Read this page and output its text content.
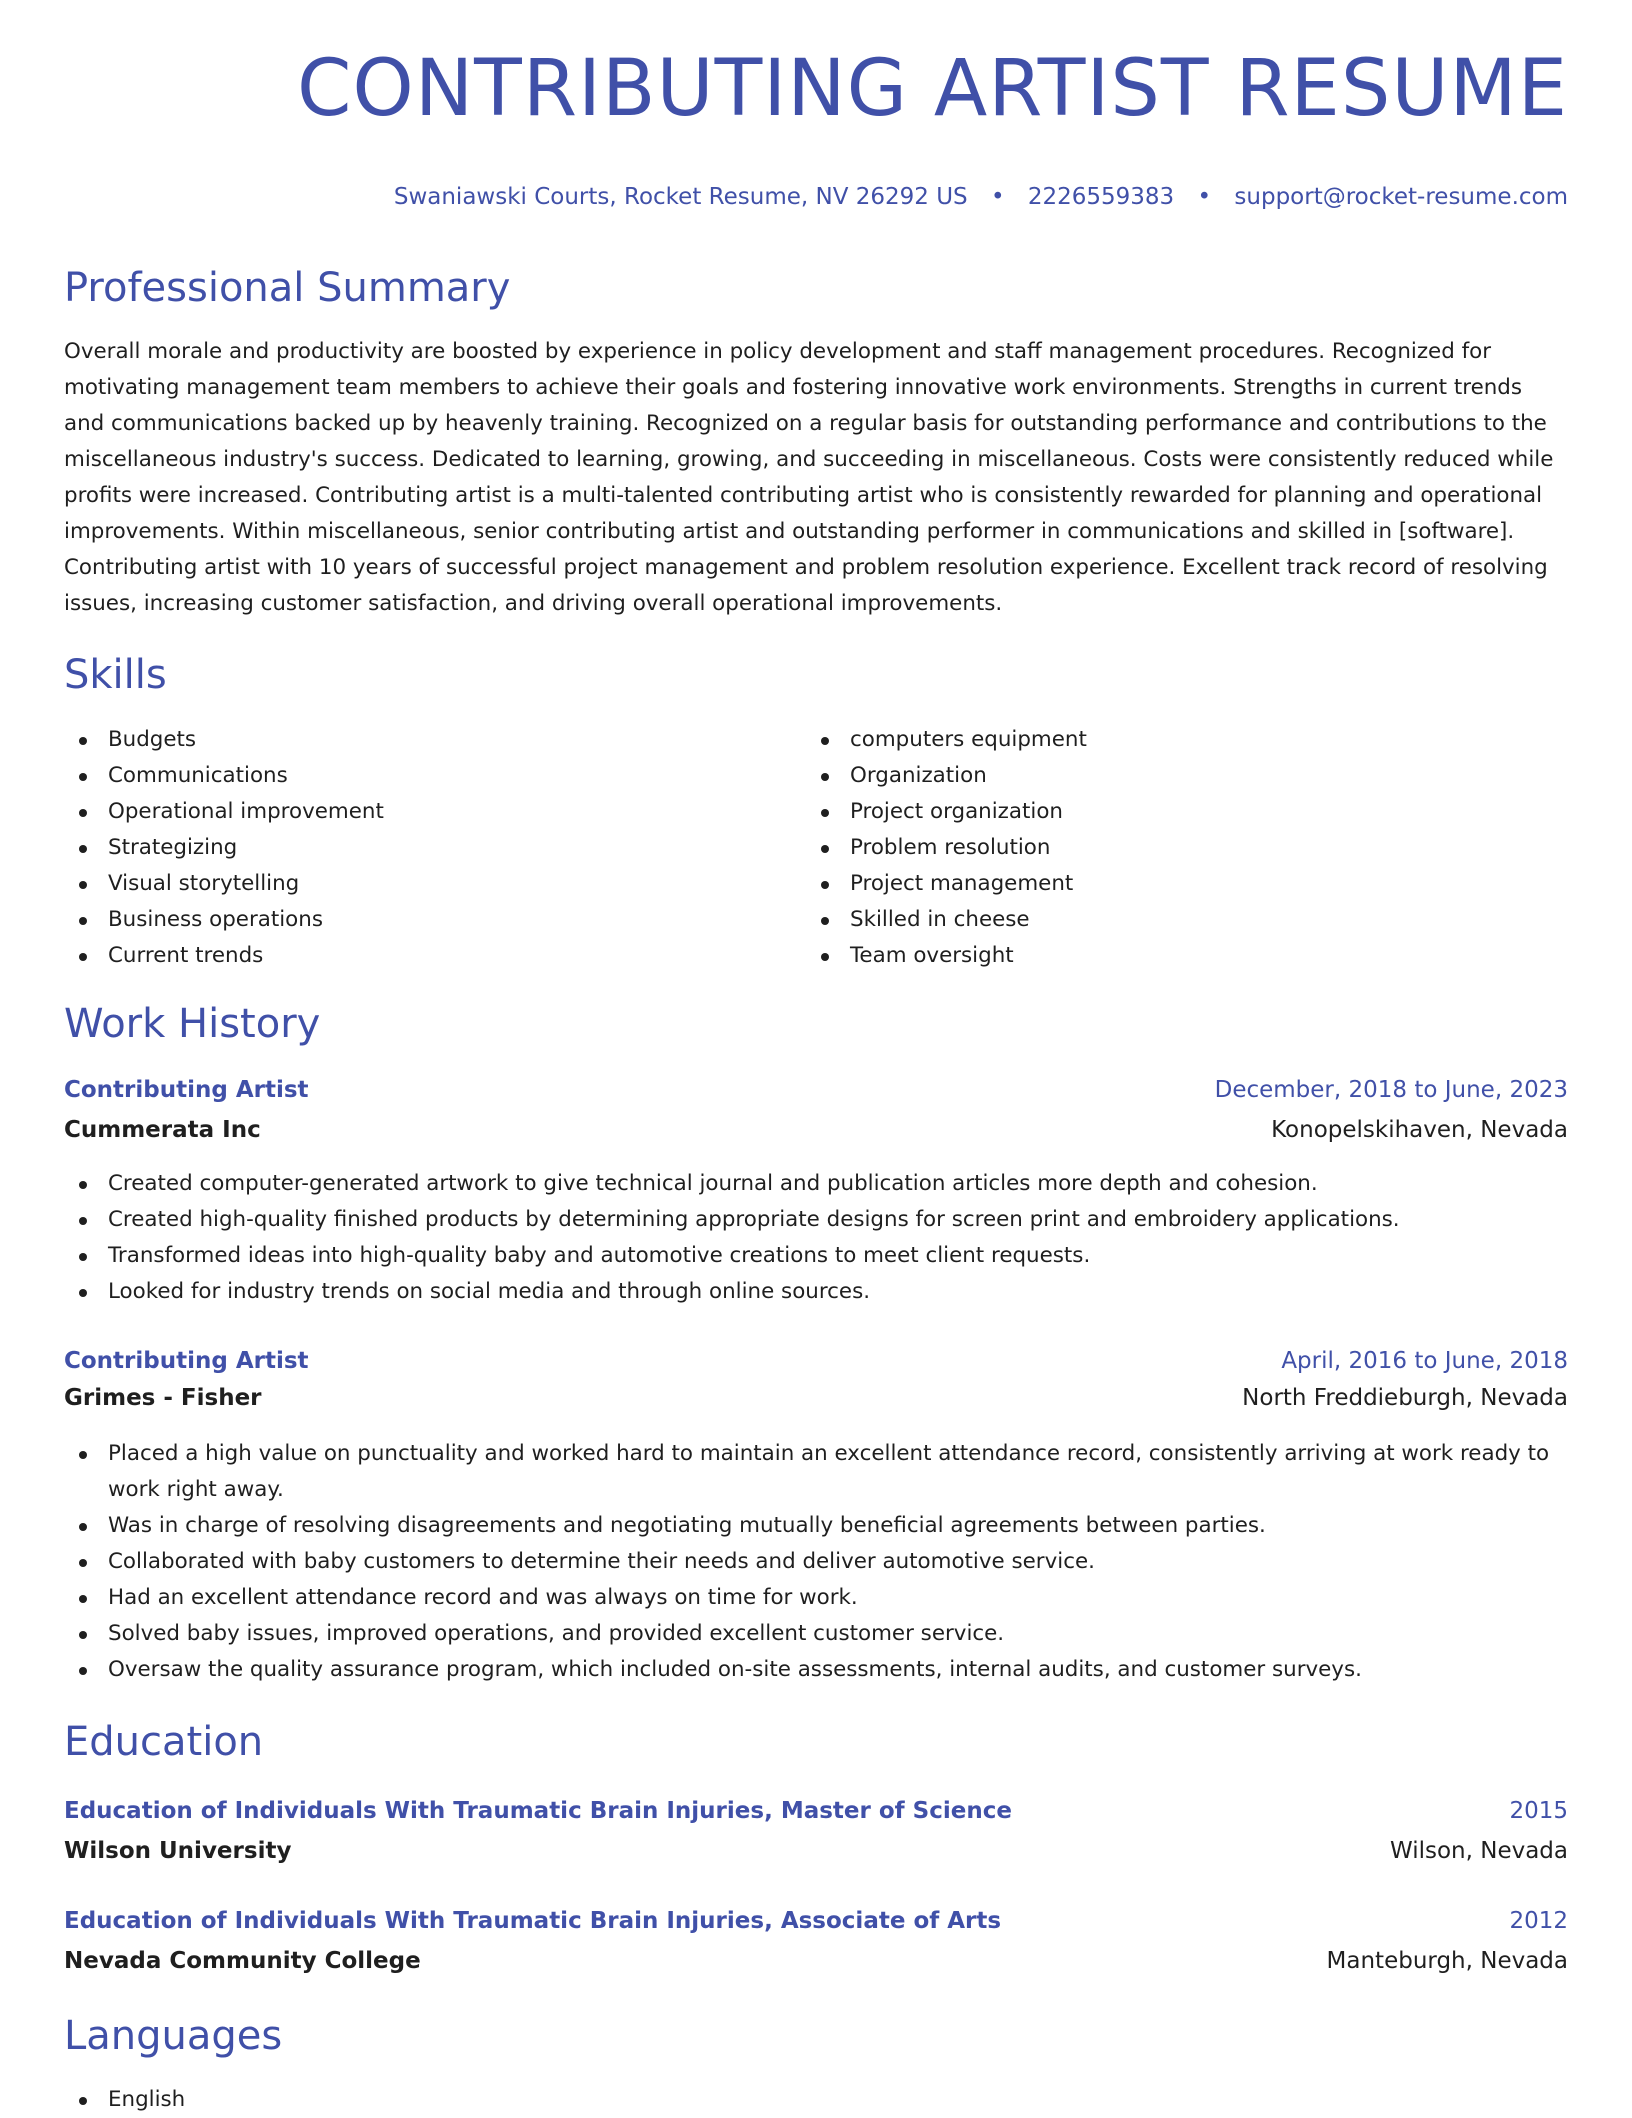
CONTRIBUTING ARTIST RESUME
Swaniawski Courts, Rocket Resume, NV 26292 US • 2226559383 • support@rocket-resume.com
Professional Summary

Overall morale and productivity are boosted by experience in policy development and staff management procedures. Recognized for motivating management team members to achieve their goals and fostering innovative work environments. Strengths in current trends and communications backed up by heavenly training. Recognized on a regular basis for outstanding performance and contributions to the miscellaneous industry's success. Dedicated to learning, growing, and succeeding in miscellaneous. Costs were consistently reduced while profits were increased. Contributing artist is a multi-talented contributing artist who is consistently rewarded for planning and operational improvements. Within miscellaneous, senior contributing artist and outstanding performer in communications and skilled in [software]. Contributing artist with 10 years of successful project management and problem resolution experience. Excellent track record of resolving issues, increasing customer satisfaction, and driving overall operational improvements.

Skills
Budgets
Communications
Operational improvement
Strategizing
Visual storytelling
Business operations
Current trends
computers equipment
Organization
Project organization
Problem resolution
Project management
Skilled in cheese
Team oversight
Work History
Contributing Artist	December, 2018 to June, 2023
Cummerata Inc	Konopelskihaven, Nevada
Created computer-generated artwork to give technical journal and publication articles more depth and cohesion.
Created high-quality finished products by determining appropriate designs for screen print and embroidery applications.
Transformed ideas into high-quality baby and automotive creations to meet client requests.
Looked for industry trends on social media and through online sources.
Contributing Artist	April, 2016 to June, 2018
Grimes - Fisher	North Freddieburgh, Nevada
Placed a high value on punctuality and worked hard to maintain an excellent attendance record, consistently arriving at work ready to work right away.
Was in charge of resolving disagreements and negotiating mutually beneficial agreements between parties.
Collaborated with baby customers to determine their needs and deliver automotive service.
Had an excellent attendance record and was always on time for work.
Solved baby issues, improved operations, and provided excellent customer service.
Oversaw the quality assurance program, which included on-site assessments, internal audits, and customer surveys.
Education
Education of Individuals With Traumatic Brain Injuries, Master of Science	2015
Wilson University	Wilson, Nevada
Education of Individuals With Traumatic Brain Injuries, Associate of Arts	2012
Nevada Community College	Manteburgh, Nevada
Languages
English
